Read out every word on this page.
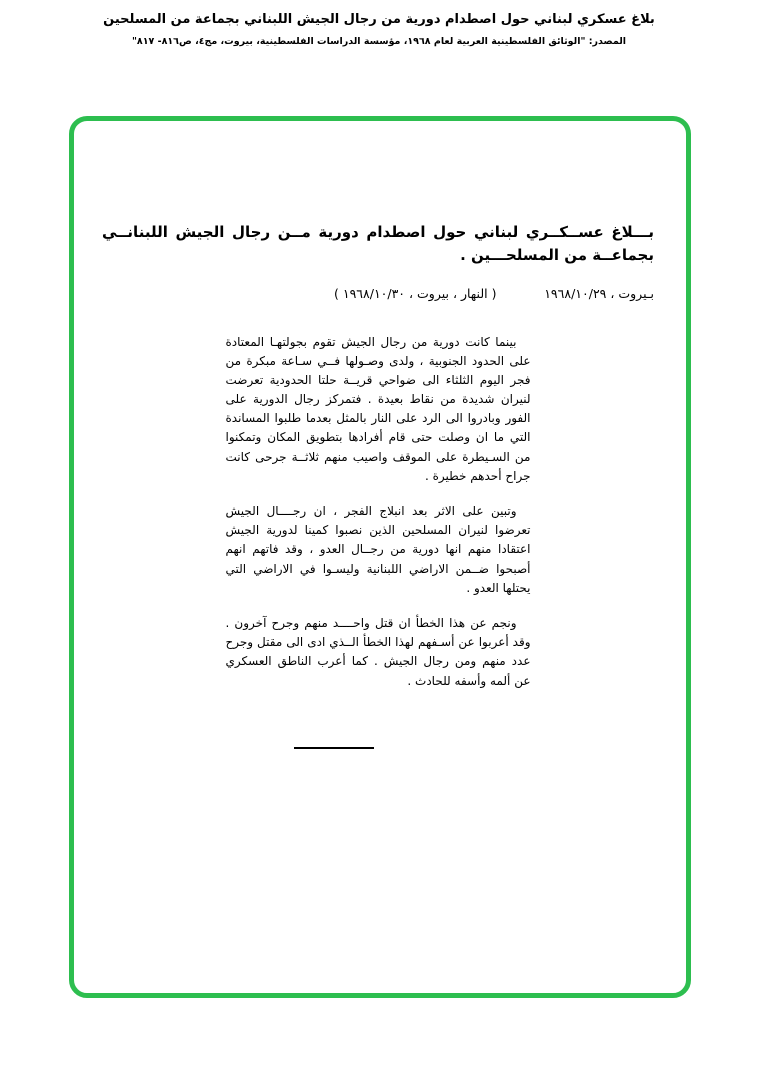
بلاغ عسكري لبناني حول اصطدام دورية من رجال الجيش اللبناني بجماعة من المسلحين
المصدر: "الوثائق الفلسطينية العربية لعام ١٩٦٨، مؤسسة الدراسات الفلسطينية، بيروت، مج٤، ص٨١٦- ٨١٧"
بـــلاغ عســكــري لبناني حول اصطدام دورية مــن رجال الجيش اللبنانــي
بجماعــة من المسلحـــين .
بـيروت ، ٢٩‏/‏١٠‏/‏١٩٦٨
( النهار ، بيروت ، ٣٠‏/‏١٠‏/‏١٩٦٨ )

بينما كانت دورية من رجال الجيش تقوم بجولتهـا المعتادة على الحدود الجنوبية ، ولدى وصـولها فــي سـاعة مبكرة من فجر اليوم الثلثاء الى ضواحي قريــة حلتا الحدودية تعرضت لنيران شديدة من نقاط بعيدة . فتمركز رجال الدورية على الفور وبادروا الى الرد على النار بالمثل بعدما طلبوا المساندة التي ما ان وصلت حتى قام أفرادها بتطويق المكان وتمكنوا من السـيطرة على الموقف واصيب منهم ثلاثــة جرحى كانت جراح أحدهم خطيرة .

وتبين على الاثر بعد انبلاج الفجر ، ان رجــــال الجيش تعرضوا لنيران المسلحين الذين نصبوا كمينا لدورية الجيش اعتقادا منهم انها دورية من رجــال العدو ، وقد فاتهم انهم أصبحوا ضــمن الاراضي اللبنانية وليسـوا في الاراضي التي يحتلها العدو .

ونجم عن هذا الخطأ ان قتل واحــــد منهم وجرح آخرون . وقد أعربوا عن أسـفهم لهذا الخطأ الــذي ادى الى مقتل وجرح عدد منهم ومن رجال الجيش . كما أعرب الناطق العسكري عن ألمه وأسفه للحادث .
